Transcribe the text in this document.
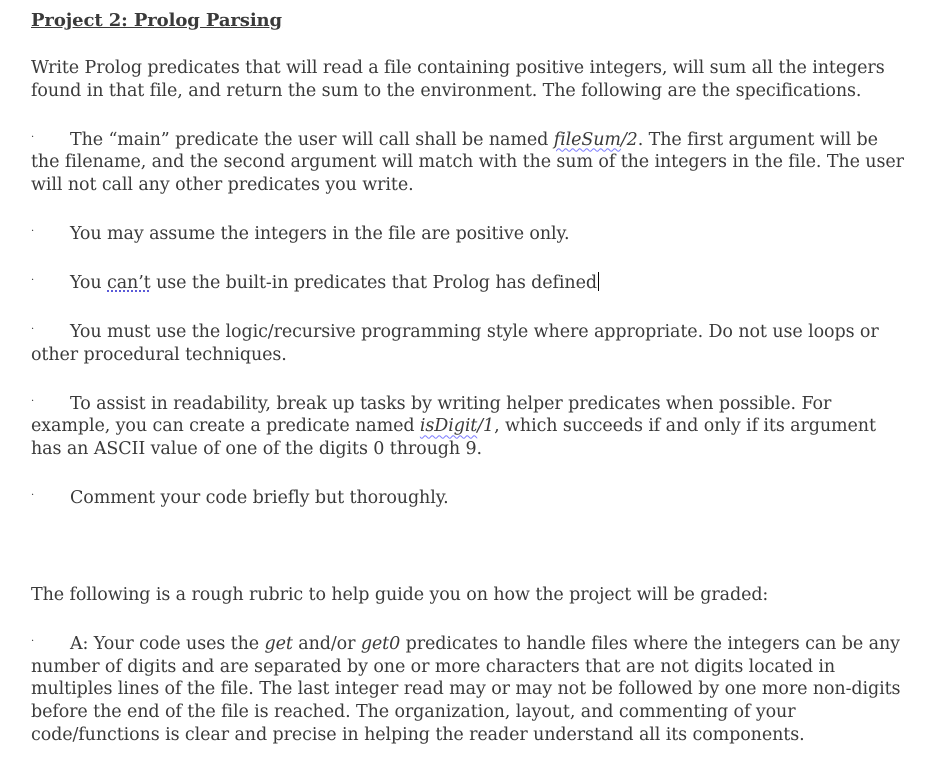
Project 2: Prolog Parsing

Write Prolog predicates that will read a file containing positive integers, will sum all the integers found in that file, and return the sum to the environment. The following are the specifications.

· The “main” predicate the user will call shall be named fileSum/2. The first argument will be the filename, and the second argument will match with the sum of the integers in the file. The user will not call any other predicates you write.

· You may assume the integers in the file are positive only.

· You can’t use the built-in predicates that Prolog has defined

· You must use the logic/recursive programming style where appropriate. Do not use loops or other procedural techniques.

· To assist in readability, break up tasks by writing helper predicates when possible. For example, you can create a predicate named isDigit/1, which succeeds if and only if its argument has an ASCII value of one of the digits 0 through 9.

· Comment your code briefly but thoroughly.

The following is a rough rubric to help guide you on how the project will be graded:

· A: Your code uses the get and/or get0 predicates to handle files where the integers can be any number of digits and are separated by one or more characters that are not digits located in multiples lines of the file. The last integer read may or may not be followed by one more non-digits before the end of the file is reached. The organization, layout, and commenting of your code/functions is clear and precise in helping the reader understand all its components.
